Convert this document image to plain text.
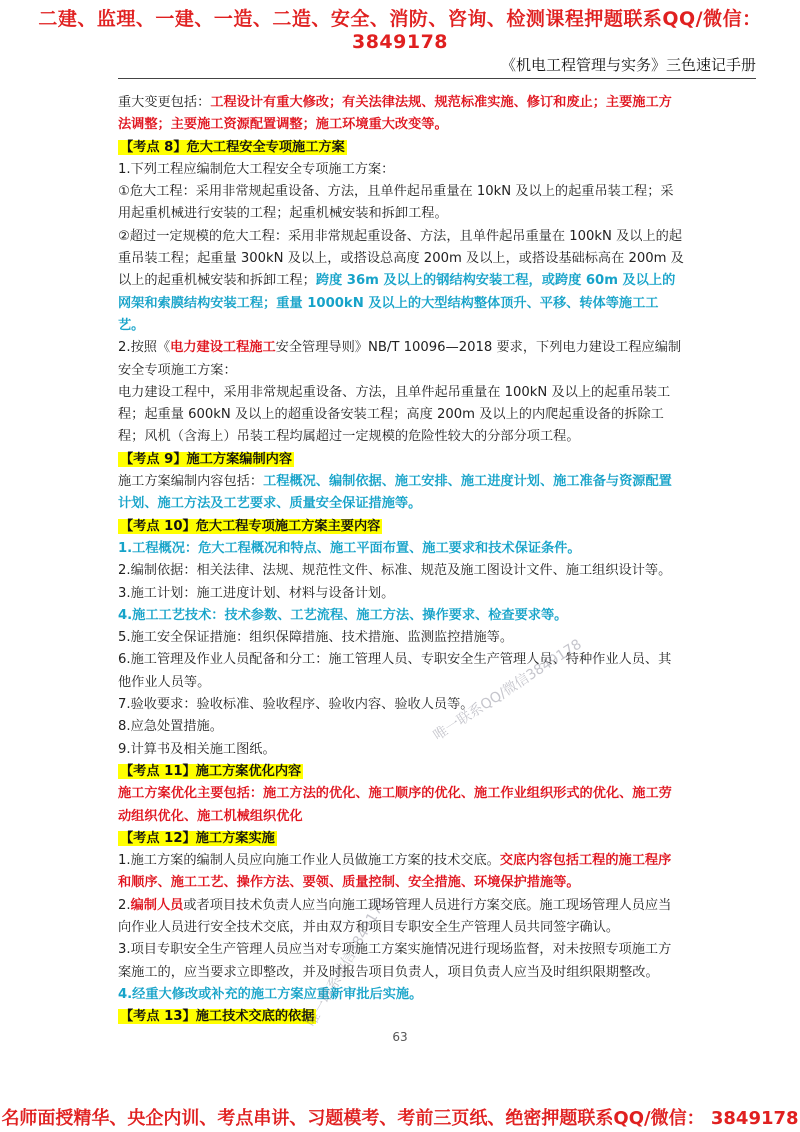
二建、监理、一建、一造、二造、安全、消防、咨询、检测课程押题联系QQ/微信：3849178
《机电工程管理与实务》三色速记手册

重大变更包括：工程设计有重大修改；有关法律法规、规范标准实施、修订和废止；主要施工方法调整；主要施工资源配置调整；施工环境重大改变等。

【考点 8】危大工程安全专项施工方案

1.下列工程应编制危大工程安全专项施工方案：

①危大工程：采用非常规起重设备、方法，且单件起吊重量在 10kN 及以上的起重吊装工程；采用起重机械进行安装的工程；起重机械安装和拆卸工程。

②超过一定规模的危大工程：采用非常规起重设备、方法，且单件起吊重量在 100kN 及以上的起重吊装工程；起重量 300kN 及以上，或搭设总高度 200m 及以上，或搭设基础标高在 200m 及以上的起重机械安装和拆卸工程；跨度 36m 及以上的钢结构安装工程，或跨度 60m 及以上的网架和索膜结构安装工程；重量 1000kN 及以上的大型结构整体顶升、平移、转体等施工工艺。

2.按照《电力建设工程施工安全管理导则》NB/T 10096—2018 要求，下列电力建设工程应编制安全专项施工方案：

电力建设工程中，采用非常规起重设备、方法，且单件起吊重量在 100kN 及以上的起重吊装工程；起重量 600kN 及以上的超重设备安装工程；高度 200m 及以上的内爬起重设备的拆除工程；风机（含海上）吊装工程均属超过一定规模的危险性较大的分部分项工程。

【考点 9】施工方案编制内容

施工方案编制内容包括：工程概况、编制依据、施工安排、施工进度计划、施工准备与资源配置计划、施工方法及工艺要求、质量安全保证措施等。

【考点 10】危大工程专项施工方案主要内容

1.工程概况：危大工程概况和特点、施工平面布置、施工要求和技术保证条件。

2.编制依据：相关法律、法规、规范性文件、标准、规范及施工图设计文件、施工组织设计等。

3.施工计划：施工进度计划、材料与设备计划。

4.施工工艺技术：技术参数、工艺流程、施工方法、操作要求、检查要求等。

5.施工安全保证措施：组织保障措施、技术措施、监测监控措施等。

6.施工管理及作业人员配备和分工：施工管理人员、专职安全生产管理人员、特种作业人员、其他作业人员等。

7.验收要求：验收标准、验收程序、验收内容、验收人员等。

8.应急处置措施。

9.计算书及相关施工图纸。

【考点 11】施工方案优化内容

施工方案优化主要包括：施工方法的优化、施工顺序的优化、施工作业组织形式的优化、施工劳动组织优化、施工机械组织优化

【考点 12】施工方案实施

1.施工方案的编制人员应向施工作业人员做施工方案的技术交底。交底内容包括工程的施工程序和顺序、施工工艺、操作方法、要领、质量控制、安全措施、环境保护措施等。

2.编制人员或者项目技术负责人应当向施工现场管理人员进行方案交底。施工现场管理人员应当向作业人员进行安全技术交底，并由双方和项目专职安全生产管理人员共同签字确认。

3.项目专职安全生产管理人员应当对专项施工方案实施情况进行现场监督，对未按照专项施工方案施工的，应当要求立即整改，并及时报告项目负责人，项目负责人应当及时组织限期整改。

4.经重大修改或补充的施工方案应重新审批后实施。

【考点 13】施工技术交底的依据

唯一联系QQ/微信3849178
唯一联系微信3849178
63
名师面授精华、央企内训、考点串讲、习题模考、考前三页纸、绝密押题联系QQ/微信： 3849178
